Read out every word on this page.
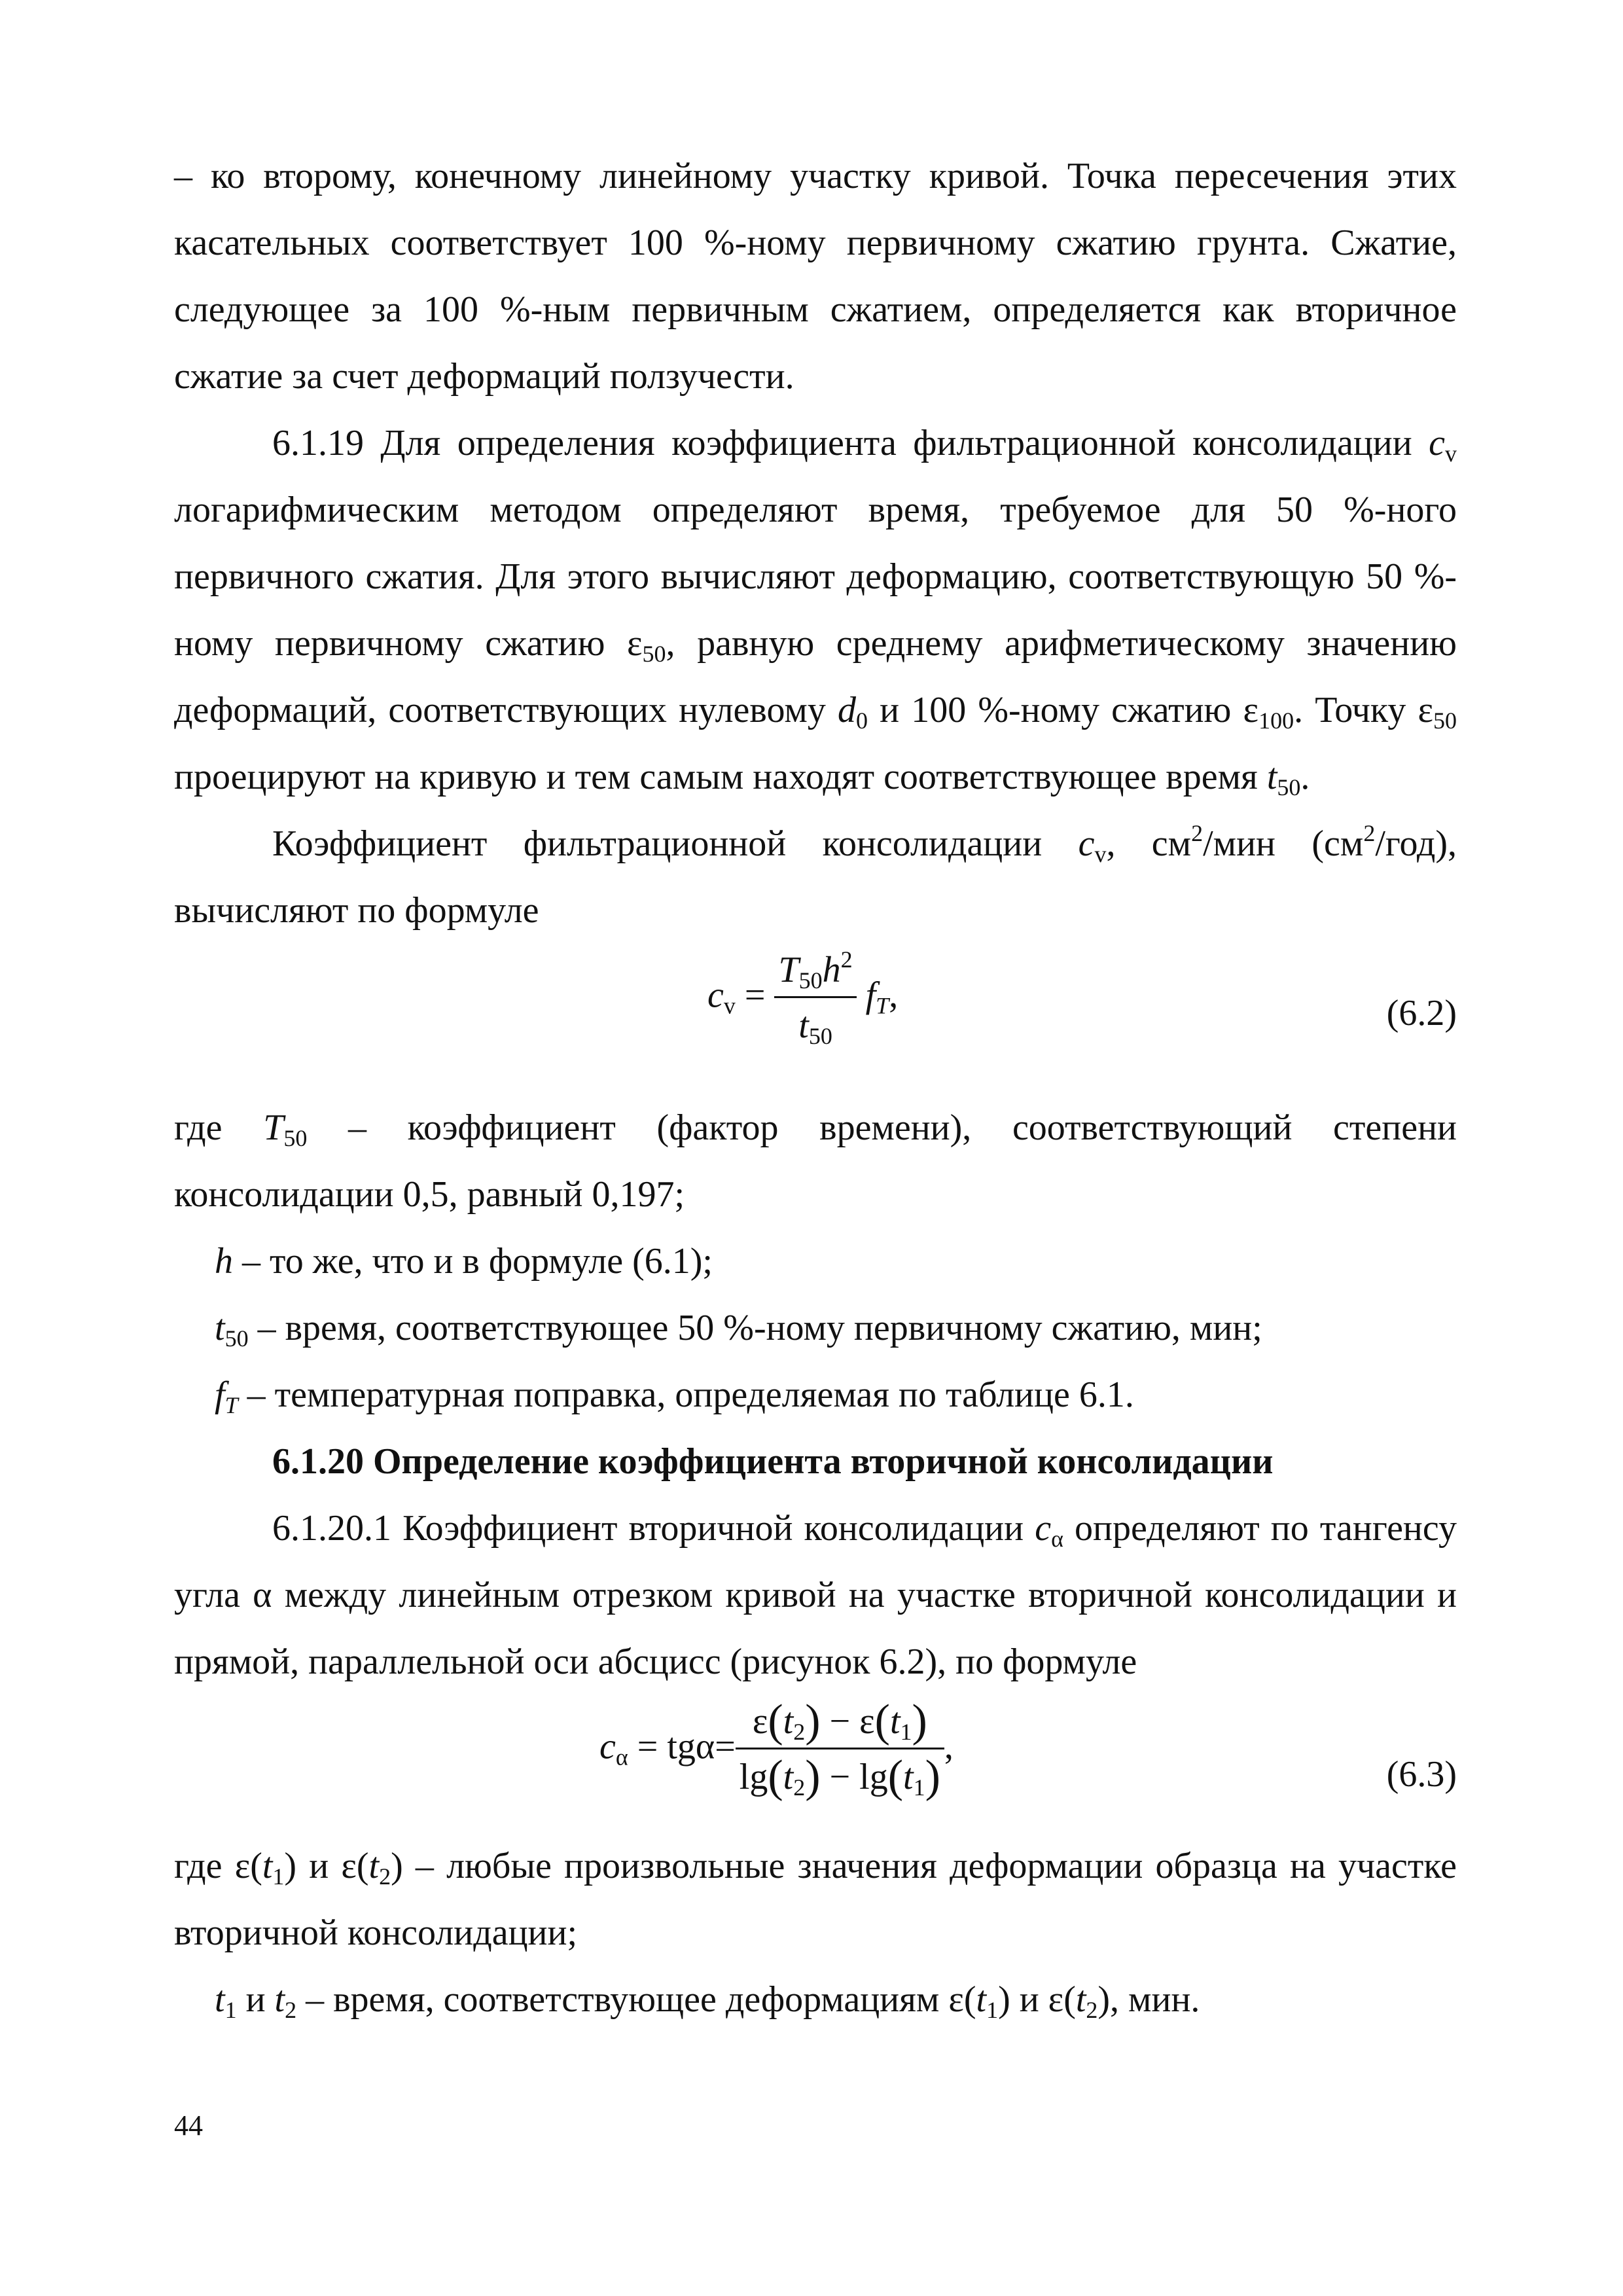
– ко второму, конечному линейному участку кривой. Точка пересечения этих касательных соответствует 100 %-ному первичному сжатию грунта. Сжатие, следующее за 100 %-ным первичным сжатием, определяется как вторичное сжатие за счет деформаций ползучести.

6.1.19 Для определения коэффициента фильтрационной консолидации $c_v$ логарифмическим методом определяют время, требуемое для 50 %-ного первичного сжатия. Для этого вычисляют деформацию, соответствующую 50 %-ному первичному сжатию $\varepsilon_{50}$, равную среднему арифметическому значению деформаций, соответствующих нулевому $d_0$ и 100 %-ному сжатию $\varepsilon_{100}$. Точку $\varepsilon_{50}$ проецируют на кривую и тем самым находят соответствующее время $t_{50}$.

Коэффициент фильтрационной консолидации $c_v$, $см^2$/мин $(см^2/год)$, вычисляют по формуле

$c_v = \frac{T_{50}h^2}{t_{50}} f_T$,	(6.2)

где $T_{50}$ – коэффициент (фактор времени), соответствующий степени консолидации 0,5, равный 0,197;

h – то же, что и в формуле (6.1);

$t_{50}$ – время, соответствующее 50 %-ному первичному сжатию, мин;

$f_T$ – температурная поправка, определяемая по таблице 6.1.

6.1.20 Определение коэффициента вторичной консолидации

6.1.20.1 Коэффициент вторичной консолидации $c_\alpha$ определяют по тангенсу угла α между линейным отрезком кривой на участке вторичной консолидации и прямой, параллельной оси абсцисс (рисунок 6.2), по формуле

$c_\alpha = tg\alpha= \frac{\varepsilon(t_2) - \varepsilon(t_1)}{\lg(t_2) - \lg(t_1)}$ ,
(6.3)

где $\varepsilon(t_1)$ и $\varepsilon(t_2)$ – любые произвольные значения деформации образца на участке вторичной консолидации;

$t_1$ и $t_2$ – время, соответствующее деформациям $\varepsilon(t_1)$ и $\varepsilon(t_2)$, мин.

44
